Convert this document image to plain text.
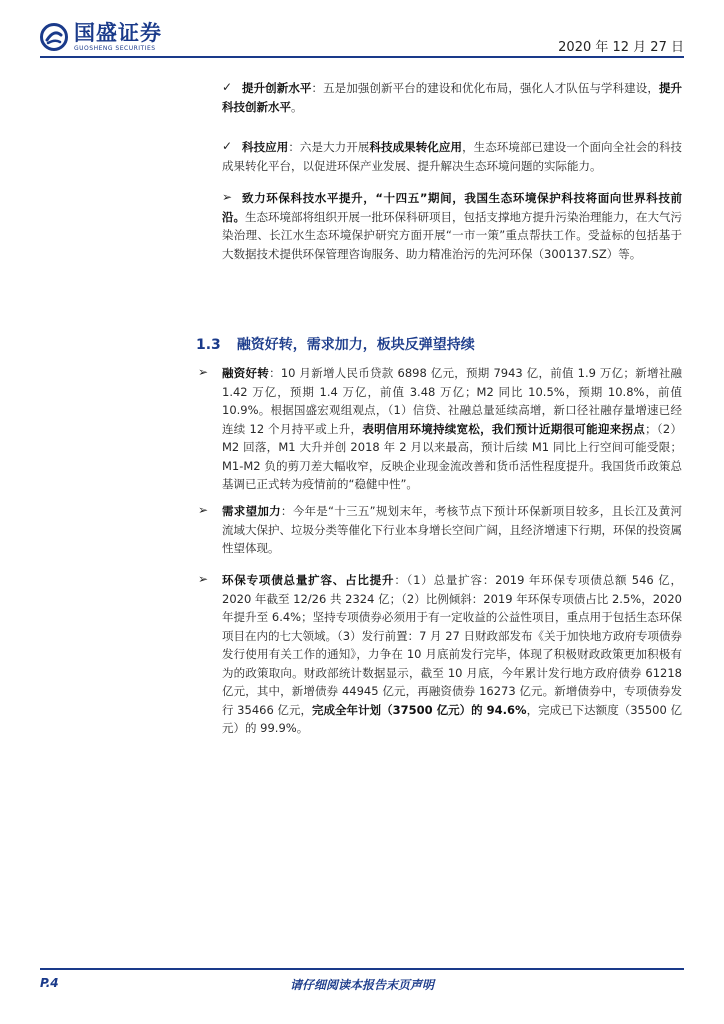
国盛证券
GUOSHENG SECURITIES	2020 年 12 月 27 日
✓ 提升创新水平：五是加强创新平台的建设和优化布局，强化人才队伍与学科建设，提升科技创新水平。
✓ 科技应用：六是大力开展科技成果转化应用，生态环境部已建设一个面向全社会的科技成果转化平台，以促进环保产业发展、提升解决生态环境问题的实际能力。
➢ 致力环保科技水平提升，“十四五”期间，我国生态环境保护科技将面向世界科技前沿。生态环境部将组织开展一批环保科研项目，包括支撑地方提升污染治理能力，在大气污染治理、长江水生态环境保护研究方面开展“一市一策”重点帮扶工作。受益标的包括基于大数据技术提供环保管理咨询服务、助力精准治污的先河环保（300137.SZ）等。
1.3 融资好转，需求加力，板块反弹望持续
➢ 融资好转：10 月新增人民币贷款 6898 亿元，预期 7943 亿，前值 1.9 万亿；新增社融 1.42 万亿，预期 1.4 万亿，前值 3.48 万亿；M2 同比 10.5%，预期 10.8%，前值 10.9%。根据国盛宏观组观点，（1）信贷、社融总量延续高增，新口径社融存量增速已经连续 12 个月持平或上升，表明信用环境持续宽松，我们预计近期很可能迎来拐点；（2）M2 回落，M1 大升并创 2018 年 2 月以来最高，预计后续 M1 同比上行空间可能受限；M1-M2 负的剪刀差大幅收窄，反映企业现金流改善和货币活性程度提升。我国货币政策总基调已正式转为疫情前的“稳健中性”。
➢ 需求望加力：今年是“十三五”规划末年，考核节点下预计环保新项目较多，且长江及黄河流域大保护、垃圾分类等催化下行业本身增长空间广阔，且经济增速下行期，环保的投资属性望体现。
➢ 环保专项债总量扩容、占比提升：（1）总量扩容：2019 年环保专项债总额 546 亿，2020 年截至 12/26 共 2324 亿；（2）比例倾斜：2019 年环保专项债占比 2.5%，2020 年提升至 6.4%；坚持专项债券必须用于有一定收益的公益性项目，重点用于包括生态环保项目在内的七大领域。（3）发行前置：7 月 27 日财政部发布《关于加快地方政府专项债券发行使用有关工作的通知》，力争在 10 月底前发行完毕，体现了积极财政政策更加积极有为的政策取向。财政部统计数据显示，截至 10 月底，今年累计发行地方政府债券 61218 亿元，其中，新增债券 44945 亿元，再融资债券 16273 亿元。新增债券中，专项债券发行 35466 亿元，完成全年计划（37500 亿元）的 94.6%，完成已下达额度（35500 亿元）的 99.9%。
请仔细阅读本报告末页声明
P.4
